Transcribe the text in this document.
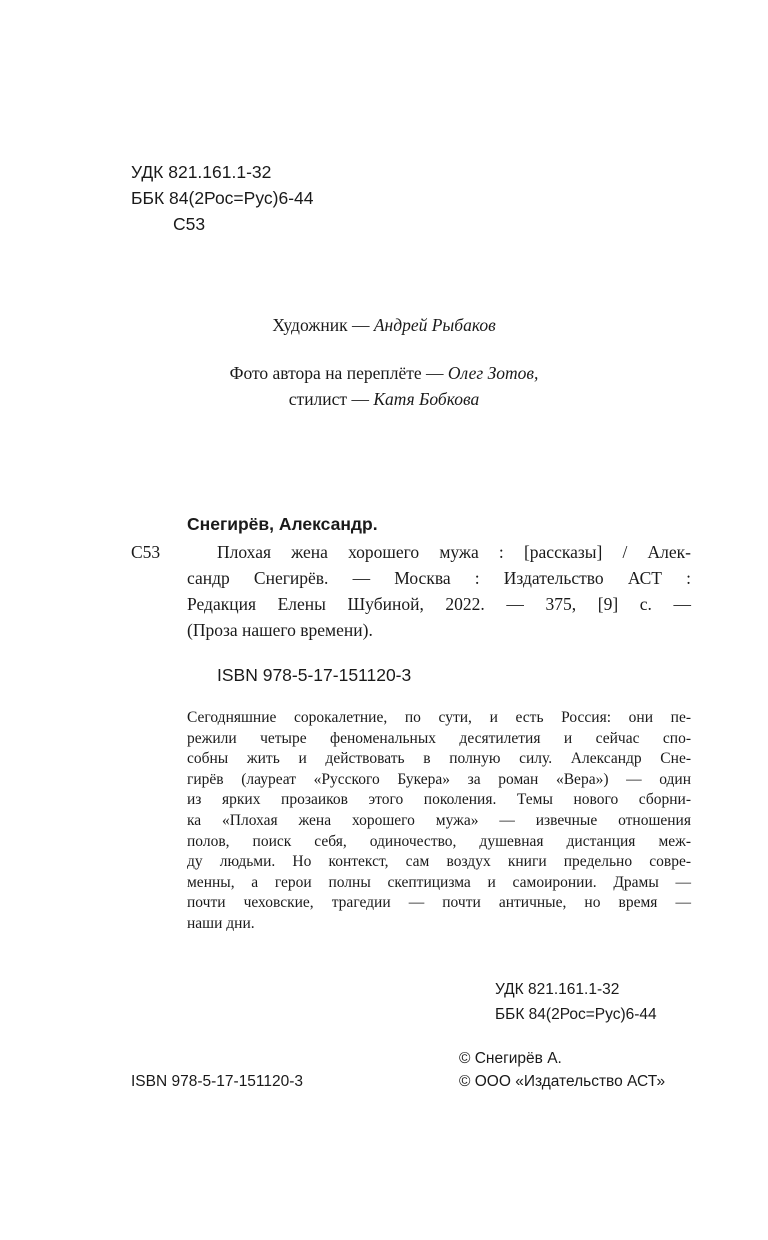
УДК 821.161.1-32
ББК 84(2Рос=Рус)6-44
С53
Художник — Андрей Рыбаков
Фото автора на переплёте — Олег Зотов,
стилист — Катя Бобкова
Снегирёв, Александр.
С53	Плохая жена хорошего мужа : [рассказы] / Алек-
сандр Снегирёв. — Москва : Издательство АСТ :
Редакция Елены Шубиной, 2022. — 375, [9] с. —
(Проза нашего времени).
ISBN 978-5-17-151120-3
Сегодняшние сорокалетние, по сути, и есть Россия: они пе-
режили четыре феноменальных десятилетия и сейчас спо-
собны жить и действовать в полную силу. Александр Сне-
гирёв (лауреат «Русского Букера» за роман «Вера») — один
из ярких прозаиков этого поколения. Темы нового сборни-
ка «Плохая жена хорошего мужа» — извечные отношения
полов, поиск себя, одиночество, душевная дистанция меж-
ду людьми. Но контекст, сам воздух книги предельно совре-
менны, а герои полны скептицизма и самоиронии. Драмы —
почти чеховские, трагедии — почти античные, но время —
наши дни.
УДК 821.161.1-32
ББК 84(2Рос=Рус)6-44
ISBN 978-5-17-151120-3
© Снегирёв А.
© ООО «Издательство АСТ»
